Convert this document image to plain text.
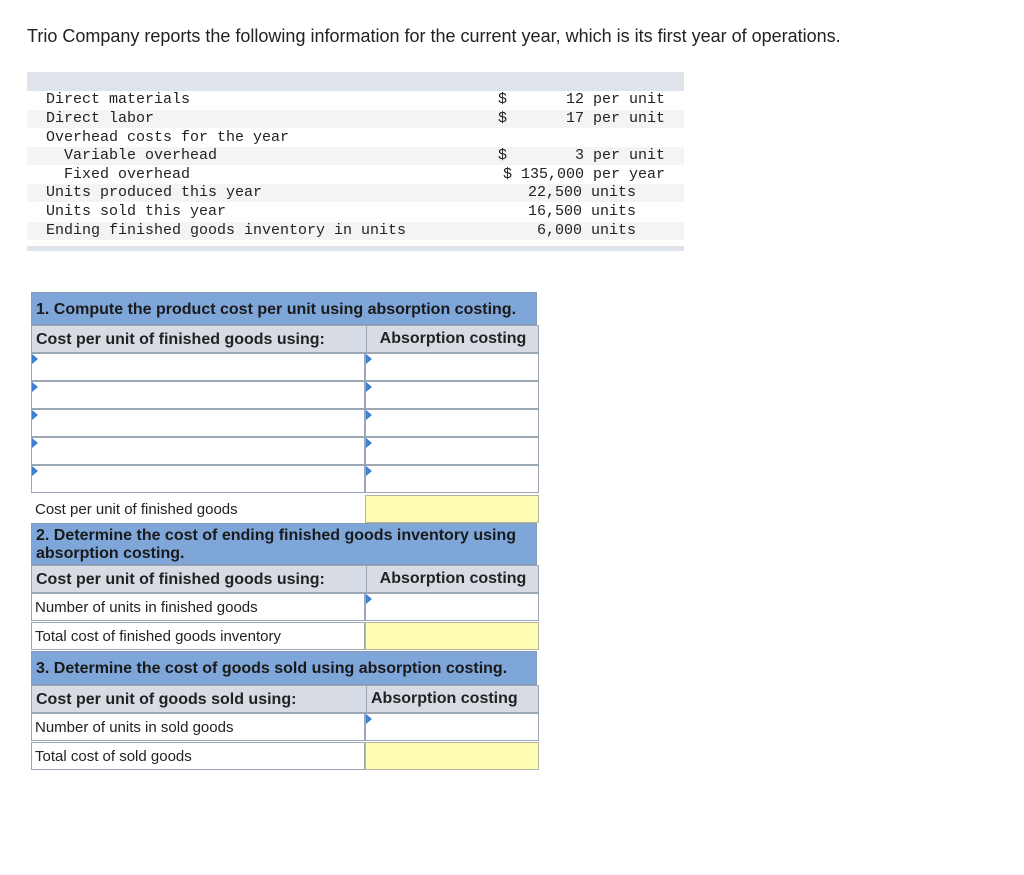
Trio Company reports the following information for the current year, which is its first year of operations.
Direct materials	$	12 per unit
Direct labor	$	17 per unit
Overhead costs for the year
Variable overhead	$	3 per unit
Fixed overhead	$ 135,000 per year
Units produced this year	22,500 units
Units sold this year	16,500 units
Ending finished goods inventory in units	6,000 units
1. Compute the product cost per unit using absorption costing.
Cost per unit of finished goods using:	Absorption costing
Cost per unit of finished goods
2. Determine the cost of ending finished goods inventory using absorption costing.
Cost per unit of finished goods using:	Absorption costing
Number of units in finished goods
Total cost of finished goods inventory
3. Determine the cost of goods sold using absorption costing.
Cost per unit of goods sold using:	Absorption costing
Number of units in sold goods
Total cost of sold goods
